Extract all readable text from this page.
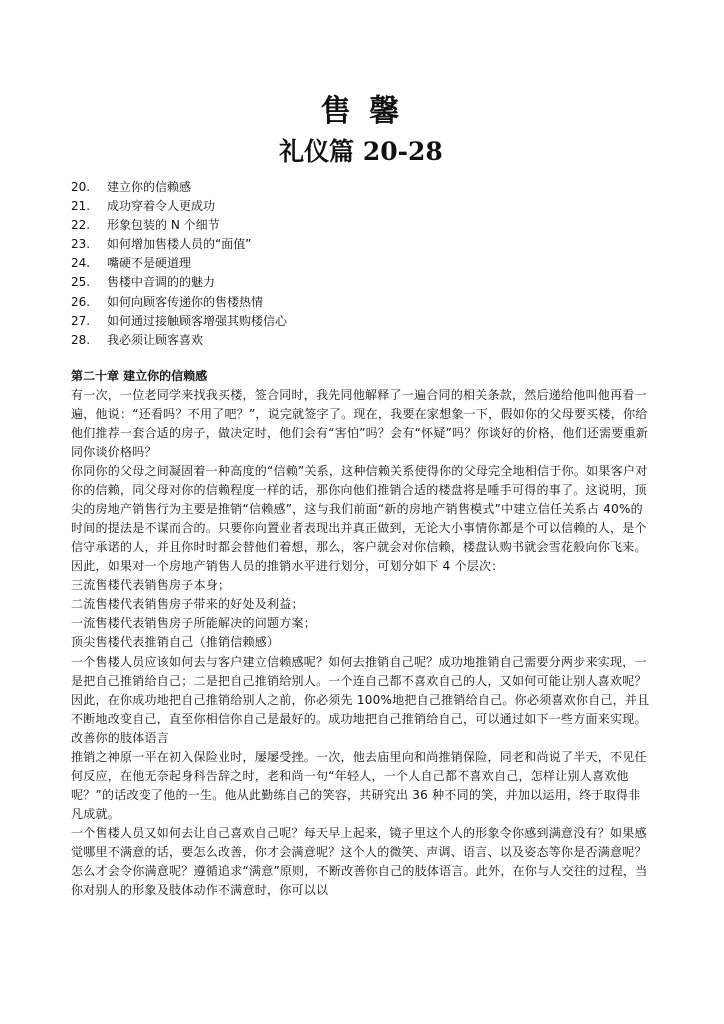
售 馨
礼仪篇 20-28
20. 建立你的信赖感
21. 成功穿着令人更成功
22. 形象包装的 N 个细节
23. 如何增加售楼人员的“面值”
24. 嘴硬不是硬道理
25. 售楼中音调的的魅力
26. 如何向顾客传递你的售楼热情
27. 如何通过接触顾客增强其购楼信心
28. 我必须让顾客喜欢
第二十章 建立你的信赖感

有一次，一位老同学来找我买楼，签合同时，我先同他解释了一遍合同的相关条款，然后递给他叫他再看一遍，他说：“还看吗？不用了吧？”，说完就签字了。现在，我要在家想象一下，假如你的父母要买楼，你给他们推荐一套合适的房子，做决定时，他们会有“害怕”吗？会有“怀疑”吗？你谈好的价格，他们还需要重新同你谈价格吗？

你同你的父母之间凝固着一种高度的“信赖”关系，这种信赖关系使得你的父母完全地相信于你。如果客户对你的信赖，同父母对你的信赖程度一样的话，那你向他们推销合适的楼盘将是唾手可得的事了。这说明，顶尖的房地产销售行为主要是推销“信赖感”，这与我们前面“新的房地产销售模式”中建立信任关系占 40%的时间的提法是不谋而合的。只要你向置业者表现出并真正做到，无论大小事情你都是个可以信赖的人，是个信守承诺的人，并且你时时都会替他们着想，那么，客户就会对你信赖，楼盘认购书就会雪花般向你飞来。因此，如果对一个房地产销售人员的推销水平进行划分，可划分如下 4 个层次：

三流售楼代表销售房子本身；

二流售楼代表销售房子带来的好处及利益；

一流售楼代表销售房子所能解决的问题方案；

顶尖售楼代表推销自己（推销信赖感）

一个售楼人员应该如何去与客户建立信赖感呢？如何去推销自己呢？成功地推销自己需要分两步来实现，一是把自己推销给自己；二是把自己推销给别人。一个连自己都不喜欢自己的人，又如何可能让别人喜欢呢？因此，在你成功地把自己推销给别人之前，你必须先 100%地把自己推销给自己。你必须喜欢你自己，并且不断地改变自己，直至你相信你自己是最好的。成功地把自己推销给自己，可以通过如下一些方面来实现。

改善你的肢体语言

推销之神原一平在初入保险业时，屡屡受挫。一次，他去庙里向和尚推销保险，同老和尚说了半天，不见任何反应，在他无奈起身科告辞之时，老和尚一句“年轻人，一个人自己都不喜欢自己，怎样让别人喜欢他呢？”的话改变了他的一生。他从此勤练自己的笑容，共研究出 36 种不同的笑，并加以运用，终于取得非凡成就。

一个售楼人员又如何去让自己喜欢自己呢？每天早上起来，镜子里这个人的形象令你感到满意没有？如果感觉哪里不满意的话，要怎么改善，你才会满意呢？这个人的微笑、声调、语言、以及姿态等你是否满意呢？怎么才会令你满意呢？遵循追求“满意”原则，不断改善你自己的肢体语言。此外，在你与人交往的过程，当你对别人的形象及肢体动作不满意时，你可以以
